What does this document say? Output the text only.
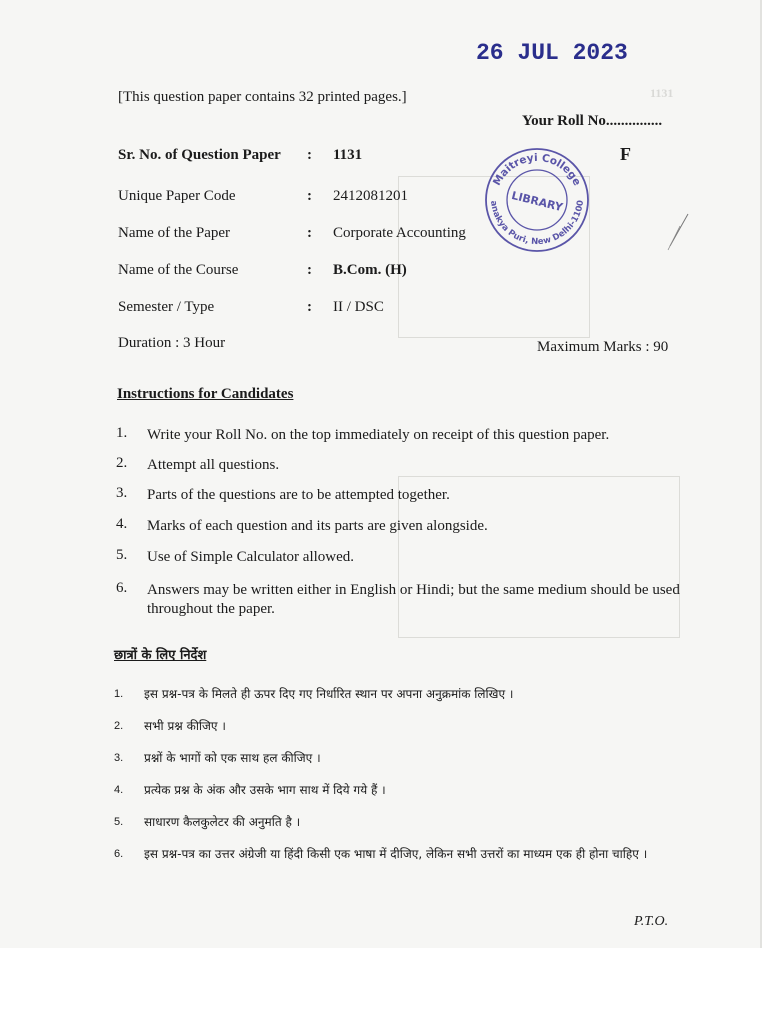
1131
26 JUL 2023
[This question paper contains 32 printed pages.]
Your Roll No...............
F
Sr. No. of Question Paper : 1131
Unique Paper Code	: 2412081201
Name of the Paper	: Corporate Accounting
Name of the Course	: B.Com. (H)
Semester / Type	: II / DSC
Duration : 3 Hour	Maximum Marks : 90
Maitreyi College
LIBRARY
anakya Puri, New Delhi-1100
Instructions for Candidates
1. Write your Roll No. on the top immediately on receipt of this question paper.
2. Attempt all questions.
3. Parts of the questions are to be attempted together.
4. Marks of each question and its parts are given alongside.
5. Use of Simple Calculator allowed.
6. Answers may be written either in English or Hindi; but the same medium should be used throughout the paper.
छात्रों के लिए निर्देश
1. इस प्रश्न-पत्र के मिलते ही ऊपर दिए गए निर्धारित स्थान पर अपना अनुक्रमांक लिखिए ।
2. सभी प्रश्न कीजिए ।
3. प्रश्नों के भागों को एक साथ हल कीजिए ।
4. प्रत्येक प्रश्न के अंक और उसके भाग साथ में दिये गये हैं ।
5. साधारण कैलकुलेटर की अनुमति है ।
6. इस प्रश्न-पत्र का उत्तर अंग्रेजी या हिंदी किसी एक भाषा में दीजिए, लेकिन सभी उत्तरों का माध्यम एक ही होना चाहिए ।
P.T.O.
